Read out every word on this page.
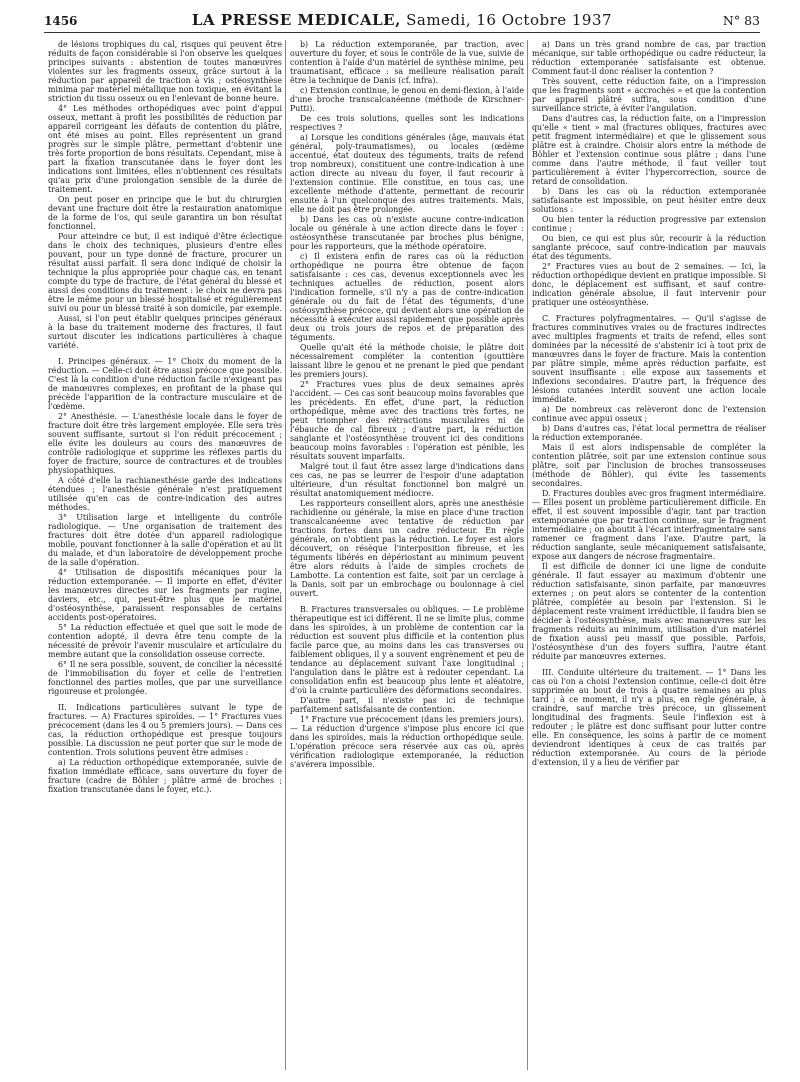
1456	LA PRESSE MEDICALE, Samedi, 16 Octobre 1937	N° 83

de lésions trophiques du cal, risques qui peuvent être réduits de façon considérable si l'on observe les quelques principes suivants : abstention de toutes manœuvres violentes sur les fragments osseux, grâce surtout à la réduction par appareil de traction à vis ; ostéosynthèse minima par matériel métallique non toxique, en évitant la striction du tissu osseux ou en l'enlevant de bonne heure.

4° Les méthodes orthopédiques avec point d'appui osseux, mettant à profit les possibilités de réduction par appareil corrigeant les défauts de contention du plâtre, ont été mises au point. Elles représentent un grand progrès sur le simple plâtre, permettant d'obtenir une très forte proportion de bons résultats. Cependant, mise à part la fixation transcutanée dans le foyer dont les indications sont limitées, elles n'obtiennent ces résultats qu'au prix d'une prolongation sensible de la durée de traitement.

On peut poser en principe que le but du chirurgien devant une fracture doit être la restauration anatomique de la forme de l'os, qui seule garantira un bon résultat fonctionnel.

Pour atteindre ce but, il est indiqué d'être éclectique dans le choix des techniques, plusieurs d'entre elles pouvant, pour un type donné de fracture, procurer un résultat aussi parfait. Il sera donc indiqué de choisir la technique la plus appropriée pour chaque cas, en tenant compte du type de fracture, de l'état général du blessé et aussi des conditions du traitement : le choix ne devra pas être le même pour un blessé hospitalisé et régulièrement suivi ou pour un blessé traité à son domicile, par exemple.

Aussi, si l'on peut établir quelques principes généraux à la base du traitement moderne des fractures, il faut surtout discuter les indications particulières à chaque variété.

I. Principes généraux. — 1° Choix du moment de la réduction. — Celle-ci doit être aussi précoce que possible. C'est là la condition d'une réduction facile n'exigeant pas de manœuvres complexes, en profitant de la phase qui précède l'apparition de la contracture musculaire et de l'œdème.

2° Anesthésie. — L'anesthésie locale dans le foyer de fracture doit être très largement employée. Elle sera très souvent suffisante, surtout si l'on réduit précocement ; elle évite les douleurs au cours des manœuvres de contrôle radiologique et supprime les réflexes partis du foyer de fracture, source de contractures et de troubles physiopathiques.

A côté d'elle la rachianesthésie garde des indications étendues ; l'anesthésie générale n'est pratiquement utilisée qu'en cas de contre-indication des autres méthodes.

3° Utilisation large et intelligente du contrôle radiologique. — Une organisation de traitement des fractures doit être dotée d'un appareil radiologique mobile, pouvant fonctionner à la salle d'opération et au lit du malade, et d'un laboratoire de développement proche de la salle d'opération.

4° Utilisation de dispositifs mécaniques pour la réduction extemporanée. — Il importe en effet, d'éviter les manœuvres directes sur les fragments par rugine, daviers, etc., qui, peut-être plus que le matériel d'ostéosynthèse, paraissent responsables de certains accidents post-opératoires.

5° La réduction effectuée et quel que soit le mode de contention adopté, il devra être tenu compte de la nécessité de prévoir l'avenir musculaire et articulaire du membre autant que la consolidation osseuse correcte.

6° Il ne sera possible, souvent, de concilier la nécessité de l'immobilisation du foyer et celle de l'entretien fonctionnel des parties molles, que par une surveillance rigoureuse et prolongée.

II. Indications particulières suivant le type de fractures. — A) Fractures spiroïdes. — 1° Fractures vues précocement (dans les 4 ou 5 premiers jours). — Dans ces cas, la réduction orthopédique est presque toujours possible. La discussion ne peut porter que sur le mode de contention. Trois solutions peuvent être admises :

a) La réduction orthopédique extemporanée, suivie de fixation immédiate efficace, sans ouverture du foyer de fracture (cadre de Böhler ; plâtre armé de broches ; fixation transcutanée dans le foyer, etc.).

b) La réduction extemporanée, par traction, avec ouverture du foyer, et sous le contrôle de la vue, suivie de contention à l'aide d'un matériel de synthèse minime, peu traumatisant, efficace : sa meilleure réalisation paraît être la technique de Danis (cf. infra).

c) Extension continue, le genou en demi-flexion, à l'aide d'une broche transcalcanéenne (méthode de Kirschner-Putti).

De ces trois solutions, quelles sont les indications respectives ?

a) Lorsque les conditions générales (âge, mauvais état général, poly-traumatismes), ou locales (œdème accentué, état douteux des téguments, traits de refend trop nombreux), constituent une contre-indication à une action directe au niveau du foyer, il faut recourir à l'extension continue. Elle constitue, en tous cas, une excellente méthode d'attente, permettant de recourir ensuite à l'un quelconque des autres traitements. Mais, elle ne doit pas être prolongée.

b) Dans les cas où n'existe aucune contre-indication locale ou générale à une action directe dans le foyer : ostéosynthèse transcutanée par broches plus bénigne, pour les rapporteurs, que la méthode opératoire.

c) Il existera enfin de rares cas où la réduction orthopédique ne pourra être obtenue de façon satisfaisante : ces cas, devenus exceptionnels avec les techniques actuelles de réduction, posent alors l'indication formelle, s'il n'y a pas de contre-indication générale ou du fait de l'état des téguments, d'une ostéosynthèse précoce, qui devient alors une opération de nécessité à exécuter aussi rapidement que possible après deux ou trois jours de repos et de préparation des téguments.

Quelle qu'ait été la méthode choisie, le plâtre doit nécessairement compléter la contention (gouttière laissant libre le genou et ne prenant le pied que pendant les premiers jours).

2° Fractures vues plus de deux semaines après l'accident. — Ces cas sont beaucoup moins favorables que les précédents. En effet, d'une part, la réduction orthopédique, même avec des tractions très fortes, ne peut triompher des rétractions musculaires ni de l'ébauche de cal fibreux ; d'autre part, la réduction sanglante et l'ostéosynthèse trouvent ici des conditions beaucoup moins favorables : l'opération est pénible, les résultats souvent imparfaits.

Malgré tout il faut être assez large d'indications dans ces cas, ne pas se leurrer de l'espoir d'une adaptation ultérieure, d'un résultat fonctionnel bon malgré un résultat anatomiquement médiocre.

Les rapporteurs conseillent alors, après une anesthésie rachidienne ou générale, la mise en place d'une traction transcalcanéenne avec tentative de réduction par tractions fortes dans un cadre réducteur. En règle générale, on n'obtient pas la réduction. Le foyer est alors découvert, on résèque l'interposition fibreuse, et les téguments libérés en dépériostant au minimum peuvent être alors réduits à l'aide de simples crochets de Lambotte. La contention est faite, soit par un cerclage à la Danis, soit par un embrochage ou boulonnage à ciel ouvert.

B. Fractures transversales ou obliques. — Le problème thérapeutique est ici différent. Il ne se limite plus, comme dans les spiroïdes, à un problème de contention car la réduction est souvent plus difficile et la contention plus facile parce que, au moins dans les cas transverses ou faiblement obliques, il y a souvent engrènement et peu de tendance au déplacement suivant l'axe longitudinal ; l'angulation dans le plâtre est à redouter cependant. La consolidation enfin est beaucoup plus lente et aléatoire, d'où la crainte particulière des déformations secondaires.

D'autre part, il n'existe pas ici de technique parfaitement satisfaisante de contention.

1° Fracture vue précocement (dans les premiers jours). — La réduction d'urgence s'impose plus encore ici que dans les spiroïdes, mais la réduction orthopédique seule. L'opération précoce sera réservée aux cas où, après vérification radiologique extemporanée, la réduction s'avérera impossible.

a) Dans un très grand nombre de cas, par traction mécanique, sur table orthopédique ou cadre réducteur, la réduction extemporanée satisfaisante est obtenue. Comment faut-il donc réaliser la contention ?

Très souvent, cette réduction faite, on a l'impression que les fragments sont « accrochés » et que la contention par appareil plâtré suffira, sous condition d'une surveillance stricte, à éviter l'angulation.

Dans d'autres cas, la réduction faite, on a l'impression qu'elle « tient » mal (fractures obliques, fractures avec petit fragment intermédiaire) et que le glissement sous plâtre est à craindre. Choisir alors entre la méthode de Böhler et l'extension continue sous plâtre ; dans l'une comme dans l'autre méthode, il faut veiller tout particulièrement à éviter l'hypercorrection, source de retard de consolidation.

b) Dans les cas où la réduction extemporanée satisfaisante est impossible, on peut hésiter entre deux solutions :

Ou bien tenter la réduction progressive par extension continue ;

Ou bien, ce qui est plus sûr, recourir à la réduction sanglante précoce, sauf contre-indication par mauvais état des téguments.

2° Fractures vues au bout de 2 semaines. — Ici, la réduction orthopédique devient en pratique impossible. Si donc, le déplacement est suffisant, et sauf contre-indication générale absolue, il faut intervenir pour pratiquer une ostéosynthèse.

C. Fractures polyfragmentaires. — Qu'il s'agisse de fractures comminutives vraies ou de fractures indirectes avec multiples fragments et traits de refend, elles sont dominées par la nécessité de s'abstenir ici à tout prix de manœuvres dans le foyer de fracture. Mais la contention par plâtre simple, même après réduction parfaite, est souvent insuffisante : elle expose aux tassements et inflexions secondaires. D'autre part, la fréquence des lésions cutanées interdit souvent une action locale immédiate.

a) De nombreux cas relèveront donc de l'extension continue avec appui osseux ;

b) Dans d'autres cas, l'état local permettra de réaliser la réduction extemporanée.

Mais il est alors indispensable de compléter la contention plâtrée, soit par une extension continue sous plâtre, soit par l'inclusion de broches transosseuses (méthode de Böhler), qui évite les tassements secondaires.

D. Fractures doubles avec gros fragment intermédiaire. — Elles posent un problème particulièrement difficile. En effet, il est souvent impossible d'agir, tant par traction extemporanée que par traction continue, sur le fragment intermédiaire ; on aboutit à l'écart interfragmentaire sans ramener ce fragment dans l'axe. D'autre part, la réduction sanglante, seule mécaniquement satisfaisante, expose aux dangers de nécrose fragmentaire.

Il est difficile de donner ici une ligne de conduite générale. Il faut essayer au maximum d'obtenir une réduction satisfaisante, sinon parfaite, par manœuvres externes ; on peut alors se contenter de la contention plâtrée, complétée au besoin par l'extension. Si le déplacement reste vraiment irréductible, il faudra bien se décider à l'ostéosynthèse, mais avec manœuvres sur les fragments réduits au minimum, utilisation d'un matériel de fixation aussi peu massif que possible. Parfois, l'ostéosynthèse d'un des foyers suffira, l'autre étant réduite par manœuvres externes.

III. Conduite ultérieure du traitement. — 1° Dans les cas où l'on a choisi l'extension continue, celle-ci doit être supprimée au bout de trois à quatre semaines au plus tard ; à ce moment, il n'y a plus, en règle générale, à craindre, sauf marche très précoce, un glissement longitudinal des fragments. Seule l'inflexion est à redouter ; le plâtre est donc suffisant pour lutter contre elle. En conséquence, les soins à partir de ce moment deviendront identiques à ceux de cas traités par réduction extemporanée. Au cours de la période d'extension, il y a lieu de vérifier par
